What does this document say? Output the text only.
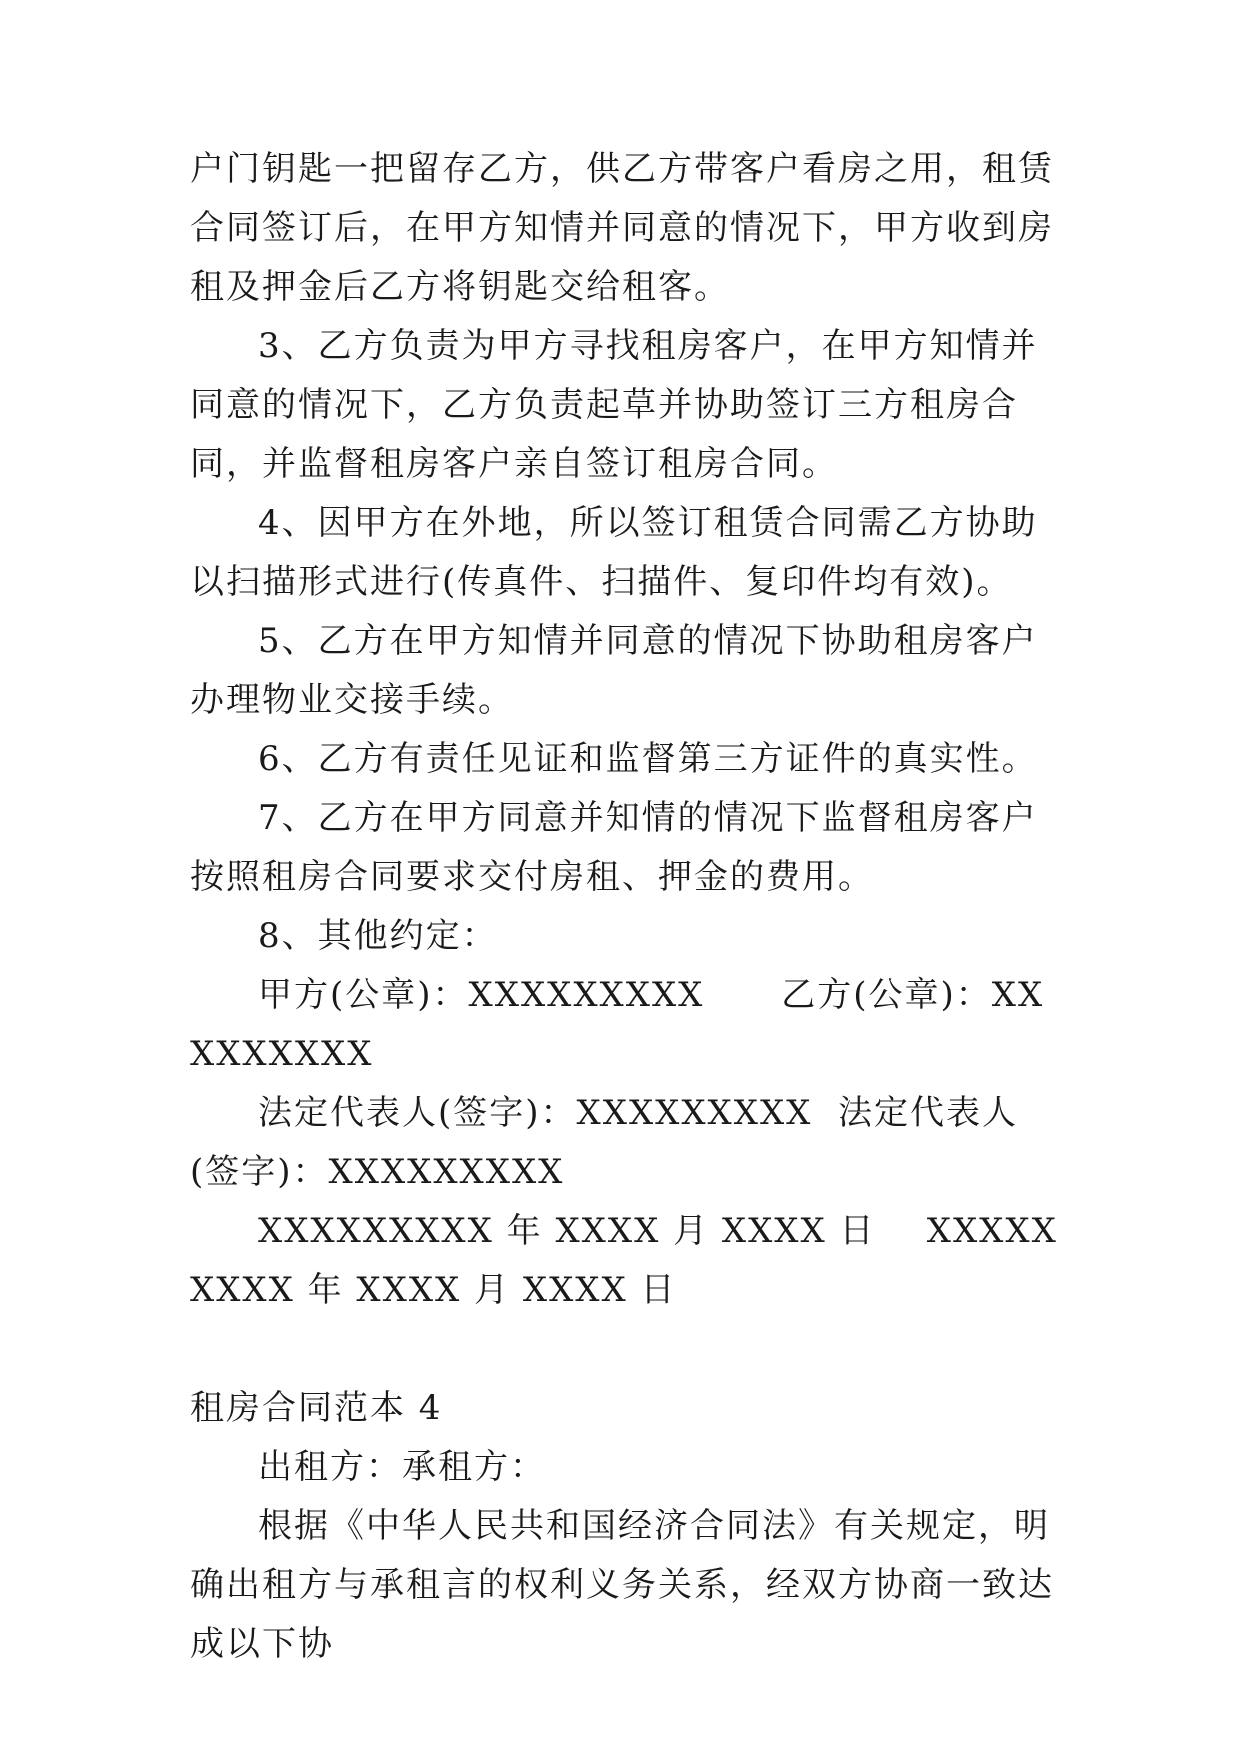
户门钥匙一把留存乙方，供乙方带客户看房之用，租赁合同签订后，在甲方知情并同意的情况下，甲方收到房租及押金后乙方将钥匙交给租客。

3、乙方负责为甲方寻找租房客户，在甲方知情并同意的情况下，乙方负责起草并协助签订三方租房合同，并监督租房客户亲自签订租房合同。

4、因甲方在外地，所以签订租赁合同需乙方协助以扫描形式进行(传真件、扫描件、复印件均有效)。

5、乙方在甲方知情并同意的情况下协助租房客户办理物业交接手续。

6、乙方有责任见证和监督第三方证件的真实性。

7、乙方在甲方同意并知情的情况下监督租房客户按照租房合同要求交付房租、押金的费用。

8、其他约定：

甲方(公章)：XXXXXXXXX      乙方(公章)：XXXXXXXXX

法定代表人(签字)：XXXXXXXXX  法定代表人(签字)：XXXXXXXXX

XXXXXXXXX 年 XXXX 月 XXXX 日    XXXXXXXXX 年 XXXX 月 XXXX 日

租房合同范本 4

出租方：承租方：

根据《中华人民共和国经济合同法》有关规定，明确出租方与承租言的权利义务关系，经双方协商一致达成以下协
